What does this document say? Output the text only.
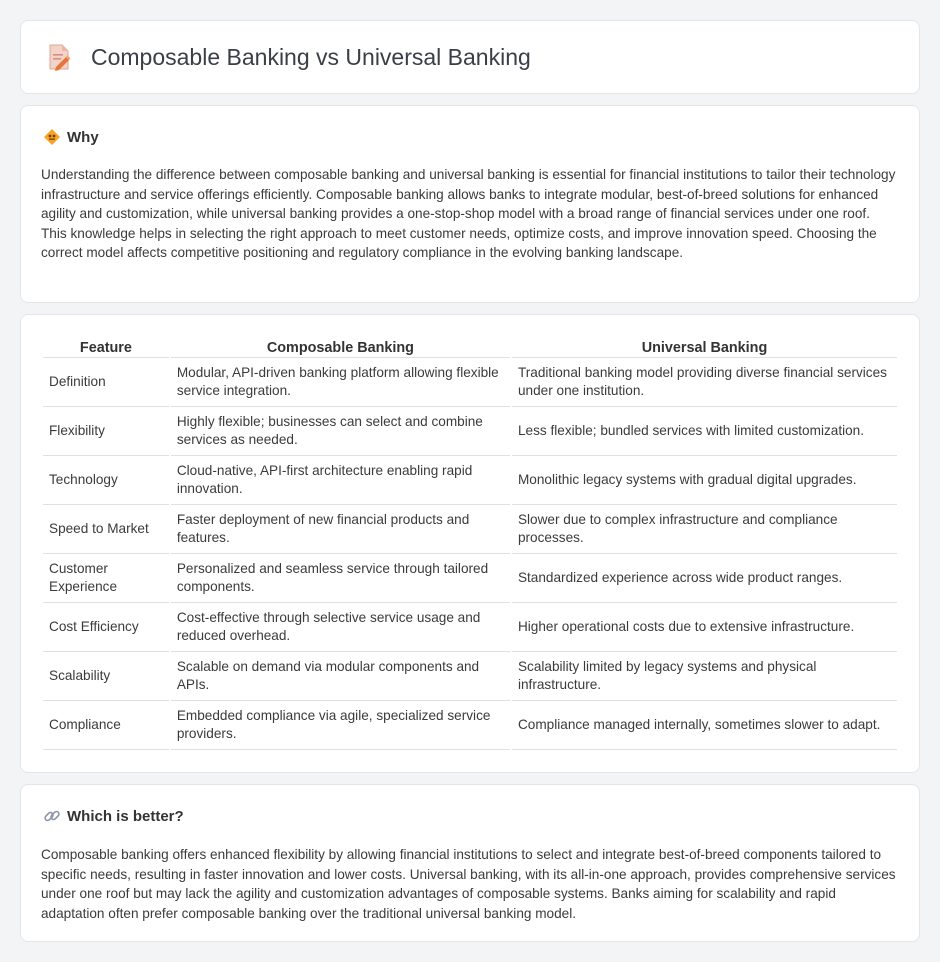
Composable Banking vs Universal Banking
Why

Understanding the difference between composable banking and universal banking is essential for financial institutions to tailor their technology infrastructure and service offerings efficiently. Composable banking allows banks to integrate modular, best-of-breed solutions for enhanced agility and customization, while universal banking provides a one-stop-shop model with a broad range of financial services under one roof. This knowledge helps in selecting the right approach to meet customer needs, optimize costs, and improve innovation speed. Choosing the correct model affects competitive positioning and regulatory compliance in the evolving banking landscape.

Feature	Composable Banking	Universal Banking
Definition	Modular, API-driven banking platform allowing flexible service integration.	Traditional banking model providing diverse financial services under one institution.
Flexibility	Highly flexible; businesses can select and combine services as needed.	Less flexible; bundled services with limited customization.
Technology	Cloud-native, API-first architecture enabling rapid innovation.	Monolithic legacy systems with gradual digital upgrades.
Speed to Market	Faster deployment of new financial products and features.	Slower due to complex infrastructure and compliance processes.
Customer Experience	Personalized and seamless service through tailored components.	Standardized experience across wide product ranges.
Cost Efficiency	Cost-effective through selective service usage and reduced overhead.	Higher operational costs due to extensive infrastructure.
Scalability	Scalable on demand via modular components and APIs.	Scalability limited by legacy systems and physical infrastructure.
Compliance	Embedded compliance via agile, specialized service providers.	Compliance managed internally, sometimes slower to adapt.
Which is better?

Composable banking offers enhanced flexibility by allowing financial institutions to select and integrate best-of-breed components tailored to specific needs, resulting in faster innovation and lower costs. Universal banking, with its all-in-one approach, provides comprehensive services under one roof but may lack the agility and customization advantages of composable systems. Banks aiming for scalability and rapid adaptation often prefer composable banking over the traditional universal banking model.
